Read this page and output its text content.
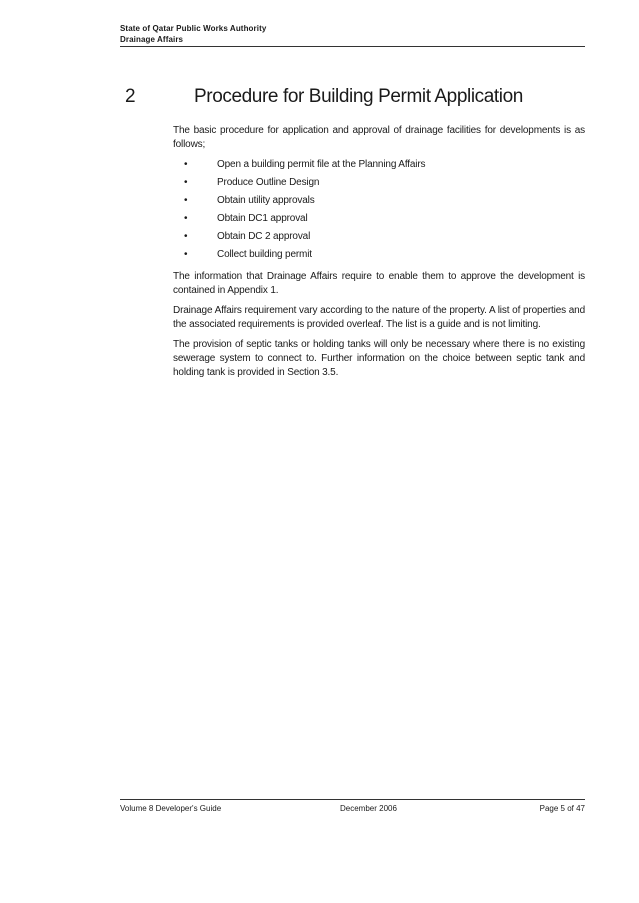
State of Qatar Public Works Authority
Drainage Affairs
2	Procedure for Building Permit Application

The basic procedure for application and approval of drainage facilities for developments is as follows;

•	Open a building permit file at the Planning Affairs
•	Produce Outline Design
•	Obtain utility approvals
•	Obtain DC1 approval
•	Obtain DC 2 approval
•	Collect building permit

The information that Drainage Affairs require to enable them to approve the development is contained in Appendix 1.

Drainage Affairs requirement vary according to the nature of the property. A list of properties and the associated requirements is provided overleaf. The list is a guide and is not limiting.

The provision of septic tanks or holding tanks will only be necessary where there is no existing sewerage system to connect to. Further information on the choice between septic tank and holding tank is provided in Section 3.5.

Volume 8 Developer's Guide	December 2006	Page 5 of 47
